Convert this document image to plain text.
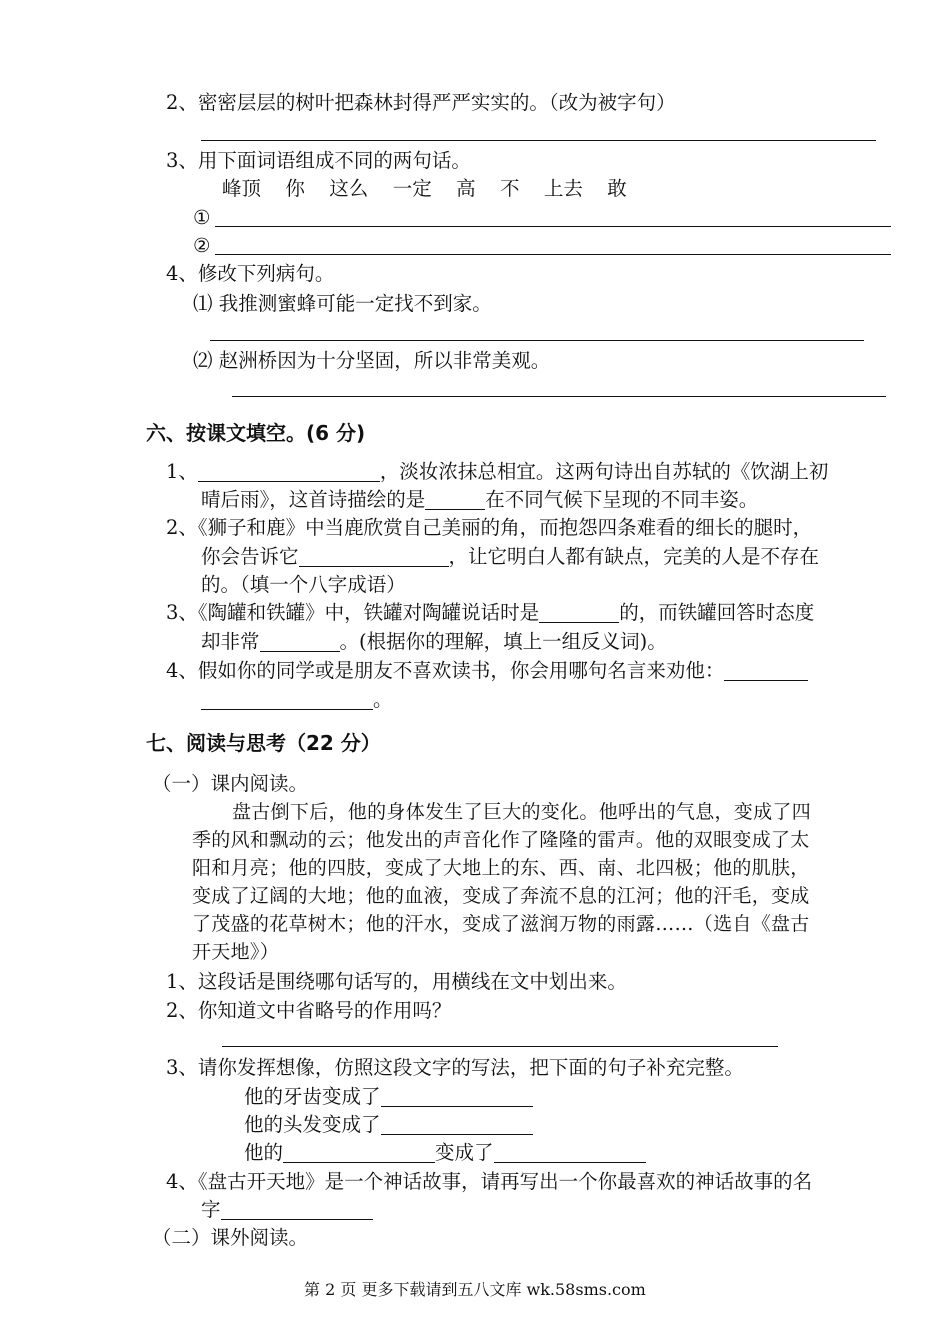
2、密密层层的树叶把森林封得严严实实的。（改为被字句）
3、用下面词语组成不同的两句话。
峰顶  你  这么  一定  高  不  上去  敢
①
②
4、修改下列病句。
⑴ 我推测蜜蜂可能一定找不到家。
⑵ 赵洲桥因为十分坚固，所以非常美观。
六、按课文填空。(6 分)
1、	，淡妆浓抹总相宜。这两句诗出自苏轼的《饮湖上初
晴后雨》，这首诗描绘的是	在不同气候下呈现的不同丰姿。
2、《狮子和鹿》中当鹿欣赏自己美丽的角，而抱怨四条难看的细长的腿时，
你会告诉它	，让它明白人都有缺点，完美的人是不存在
的。（填一个八字成语）
3、《陶罐和铁罐》中，铁罐对陶罐说话时是	的，而铁罐回答时态度
却非常	。(根据你的理解，填上一组反义词)。
4、假如你的同学或是朋友不喜欢读书，你会用哪句名言来劝他：
。
七、阅读与思考（22 分）
（一）课内阅读。
盘古倒下后，他的身体发生了巨大的变化。他呼出的气息，变成了四
季的风和飘动的云；他发出的声音化作了隆隆的雷声。他的双眼变成了太
阳和月亮；他的四肢，变成了大地上的东、西、南、北四极；他的肌肤，
变成了辽阔的大地；他的血液，变成了奔流不息的江河；他的汗毛，变成
了茂盛的花草树木；他的汗水，变成了滋润万物的雨露……（选自《盘古
开天地》）
1、这段话是围绕哪句话写的，用横线在文中划出来。
2、你知道文中省略号的作用吗？
3、请你发挥想像，仿照这段文字的写法，把下面的句子补充完整。
他的牙齿变成了
他的头发变成了
他的	变成了
4、《盘古开天地》是一个神话故事，请再写出一个你最喜欢的神话故事的名
字
（二）课外阅读。
第 2 页 更多下载请到五八文库 wk.58sms.com
